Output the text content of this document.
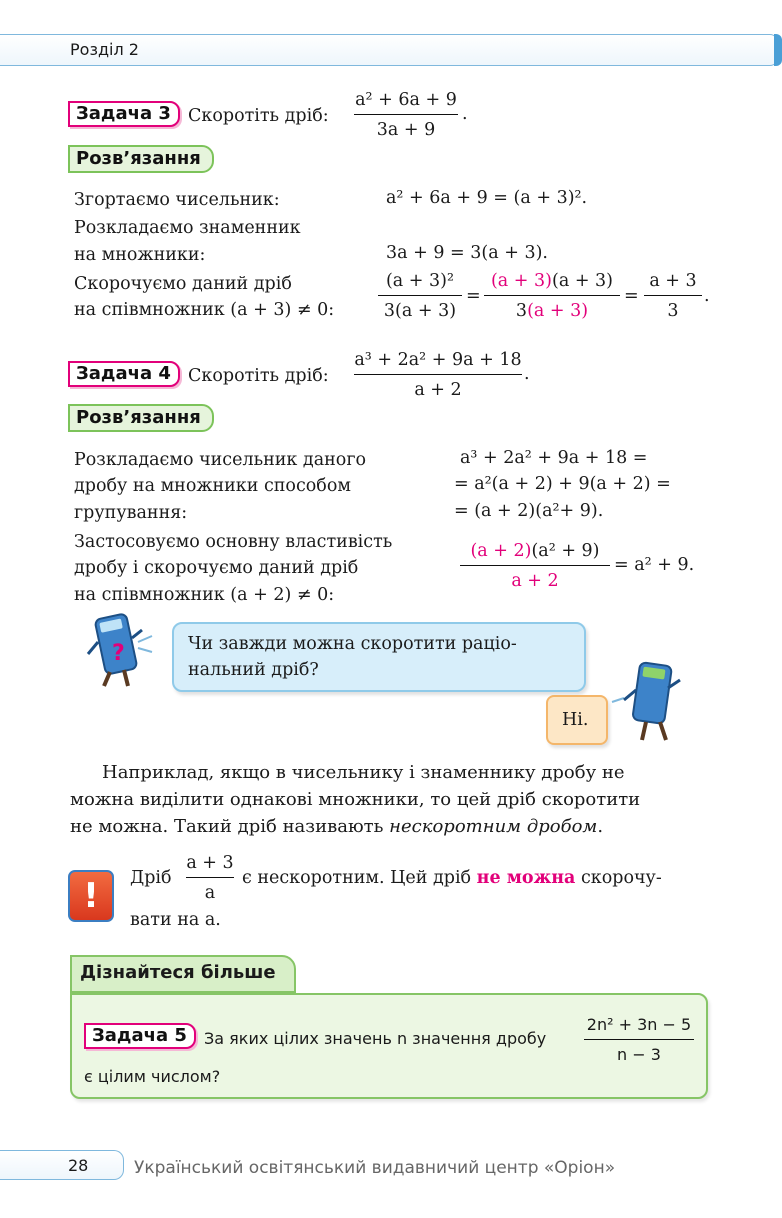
Розділ 2
Задача 3 Скоротіть дріб:
a² + 6a + 9
3a + 9
.
Розв’язання
Згортаємо чисельник:	a² + 6a + 9 = (a + 3)².
Розкладаємо знаменник
на множники:	3a + 9 = 3(a + 3).
Скорочуємо даний дріб
на співмножник (a + 3) ≠ 0:
(a + 3)²
3(a + 3)
=
(a + 3)(a + 3)
3(a + 3)
=
a + 3
3
.
Задача 4 Скоротіть дріб:
a³ + 2a² + 9a + 18
a + 2
.
Розв’язання
Розкладаємо чисельник даного
дробу на множники способом
групування:
a³ + 2a² + 9a + 18 =
= a²(a + 2) + 9(a + 2) =
= (a + 2)(a²+ 9).
Застосовуємо основну властивість
дробу і скорочуємо даний дріб
на співмножник (a + 2) ≠ 0:
(a + 2)(a² + 9)
a + 2
= a² + 9.
?	Чи завжди можна скоротити раціо-
нальний дріб?
Ні.
Наприклад, якщо в чисельнику і знаменнику дробу не
можна виділити однакові множники, то цей дріб скоротити
не можна. Такий дріб називають нескоротним дробом.
!	Дріб
a + 3
a
є нескоротним. Цей дріб не можна скорочу-
вати на a.
Дізнайтеся більше
Задача 5 За яких цілих значень n значення дробу
2n² + 3n − 5
n − 3
є цілим числом?
28	Український освітянський видавничий центр «Оріон»
